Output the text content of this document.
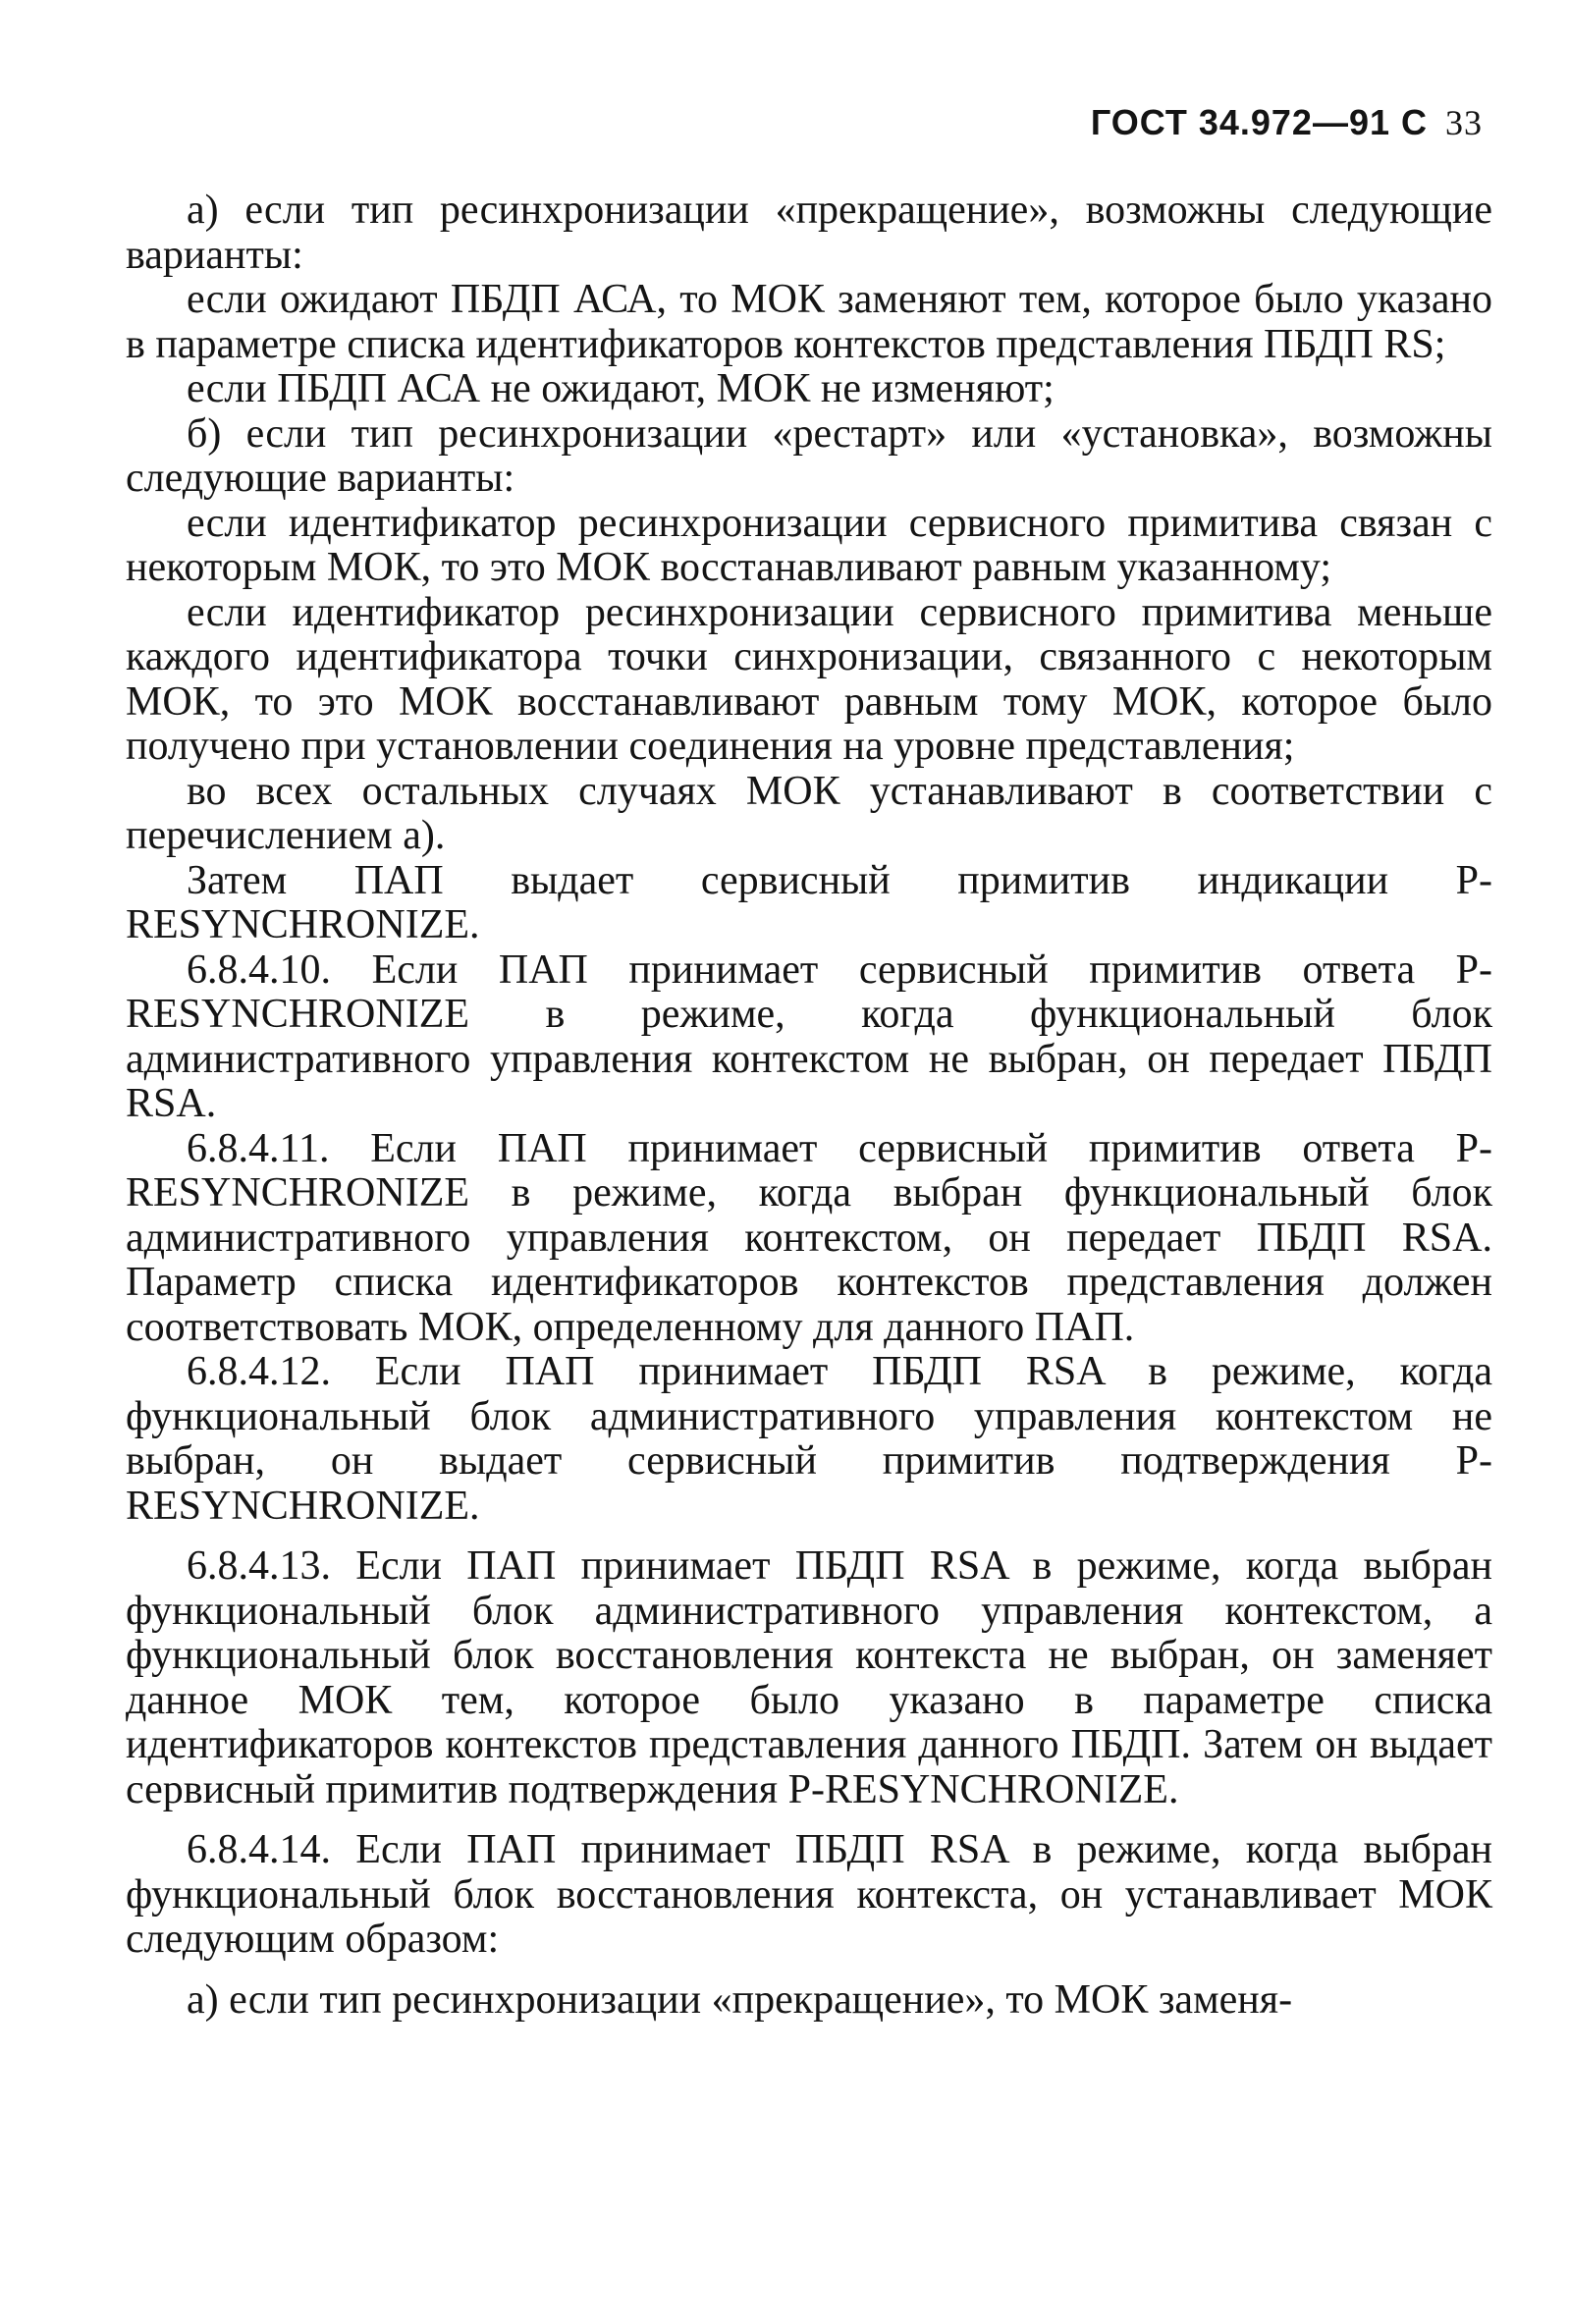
ГОСТ 34.972—91 С 33

а) если тип ресинхронизации «прекращение», возможны следующие варианты:

если ожидают ПБДП АСА, то МОК заменяют тем, которое было указано в параметре списка идентификаторов контекстов представления ПБДП RS;

если ПБДП АСА не ожидают, МОК не изменяют;

б) если тип ресинхронизации «рестарт» или «установка», возможны следующие варианты:

если идентификатор ресинхронизации сервисного примитива связан с некоторым МОК, то это МОК восстанавливают равным указанному;

если идентификатор ресинхронизации сервисного примитива меньше каждого идентификатора точки синхронизации, связанного с некоторым МОК, то это МОК восстанавливают равным тому МОК, которое было получено при установлении соединения на уровне представления;

во всех остальных случаях МОК устанавливают в соответствии с перечислением а).

Затем ПАП выдает сервисный примитив индикации P-RESYNCHRONIZE.

6.8.4.10. Если ПАП принимает сервисный примитив ответа P-RESYNCHRONIZE в режиме, когда функциональный блок административного управления контекстом не выбран, он передает ПБДП RSA.

6.8.4.11. Если ПАП принимает сервисный примитив ответа P-RESYNCHRONIZE в режиме, когда выбран функциональный блок административного управления контекстом, он передает ПБДП RSA. Параметр списка идентификаторов контекстов представления должен соответствовать МОК, определенному для данного ПАП.

6.8.4.12. Если ПАП принимает ПБДП RSA в режиме, когда функциональный блок административного управления контекстом не выбран, он выдает сервисный примитив подтверждения P-RESYNCHRONIZE.

6.8.4.13. Если ПАП принимает ПБДП RSA в режиме, когда выбран функциональный блок административного управления контекстом, а функциональный блок восстановления контекста не выбран, он заменяет данное МОК тем, которое было указано в параметре списка идентификаторов контекстов представления данного ПБДП. Затем он выдает сервисный примитив подтверждения P-RESYNCHRONIZE.

6.8.4.14. Если ПАП принимает ПБДП RSA в режиме, когда выбран функциональный блок восстановления контекста, он устанавливает МОК следующим образом:

а) если тип ресинхронизации «прекращение», то МОК заменя-
